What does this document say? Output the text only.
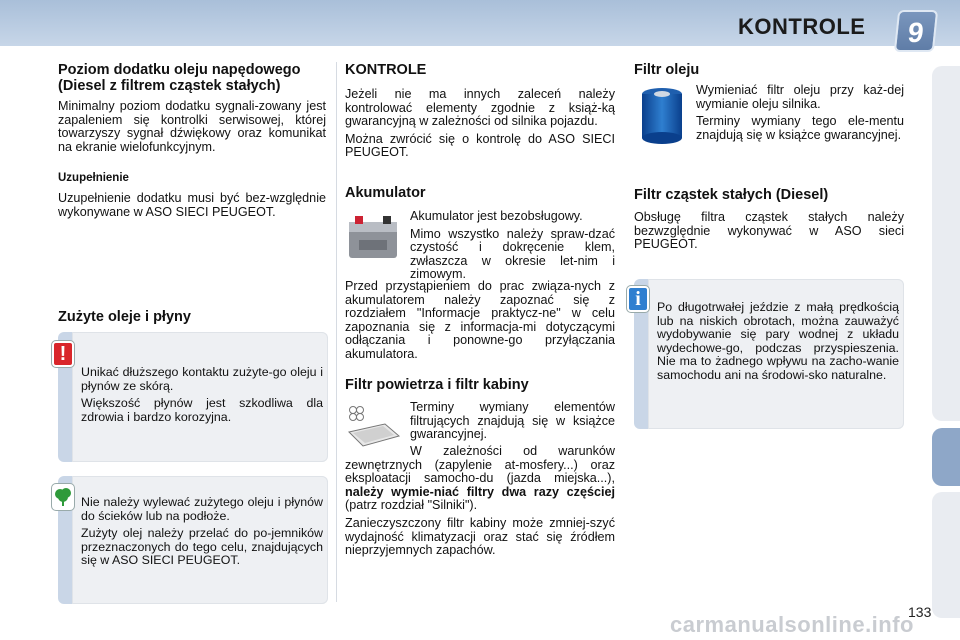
KONTROLE	9
Poziom dodatku oleju napędowego (Diesel z filtrem cząstek stałych)

Minimalny poziom dodatku sygnali-zowany jest zapaleniem się kontrolki serwisowej, której towarzyszy sygnał dźwiękowy oraz komunikat na ekranie wielofunkcyjnym.

Uzupełnienie

Uzupełnienie dodatku musi być bez-względnie wykonywane w ASO SIECI PEUGEOT.

Zużyte oleje i płyny

Unikać dłuższego kontaktu zużyte-go oleju i płynów ze skórą.

Większość płynów jest szkodliwa dla zdrowia i bardzo korozyjna.

!

Nie należy wylewać zużytego oleju i płynów do ścieków lub na podłoże.

Zużyty olej należy przelać do po-jemników przeznaczonych do tego celu, znajdujących się w ASO SIECI PEUGEOT.

KONTROLE

Jeżeli nie ma innych zaleceń należy kontrolować elementy zgodnie z książ-ką gwarancyjną w zależności od silnika pojazdu.

Można zwrócić się o kontrolę do ASO SIECI PEUGEOT.

Akumulator

Akumulator jest bezobsługowy.

Mimo wszystko należy spraw-dzać czystość i dokręcenie klem, zwłaszcza w okresie let-nim i zimowym.

Przed przystąpieniem do prac związa-nych z akumulatorem należy zapoznać się z rozdziałem "Informacje praktycz-ne" w celu zapoznania się z informacja-mi dotyczącymi odłączania i ponowne-go przyłączania akumulatora.

Filtr powietrza i filtr kabiny

Terminy wymiany elementów filtrujących znajdują się w książce gwarancyjnej.

W zależności od warunków zewnętrznych (zapylenie at-mosfery...) oraz eksploatacji samocho-du (jazda miejska...), należy wymie-niać filtry dwa razy częściej (patrz rozdział "Silniki").

Zanieczyszczony filtr kabiny może zmniej-szyć wydajność klimatyzacji oraz stać się źródłem nieprzyjemnych zapachów.

Filtr oleju

Wymieniać filtr oleju przy każ-dej wymianie oleju silnika.

Terminy wymiany tego ele-mentu znajdują się w książce gwarancyjnej.

Filtr cząstek stałych (Diesel)

Obsługę filtra cząstek stałych należy bezwzględnie wykonywać w ASO sieci PEUGEOT.

Po długotrwałej jeździe z małą prędkością lub na niskich obrotach, można zauważyć wydobywanie się pary wodnej z układu wydechowe-go, podczas przyspieszenia. Nie ma to żadnego wpływu na zacho-wanie samochodu ani na środowi-sko naturalne.

i
133
carmanualsonline.info
